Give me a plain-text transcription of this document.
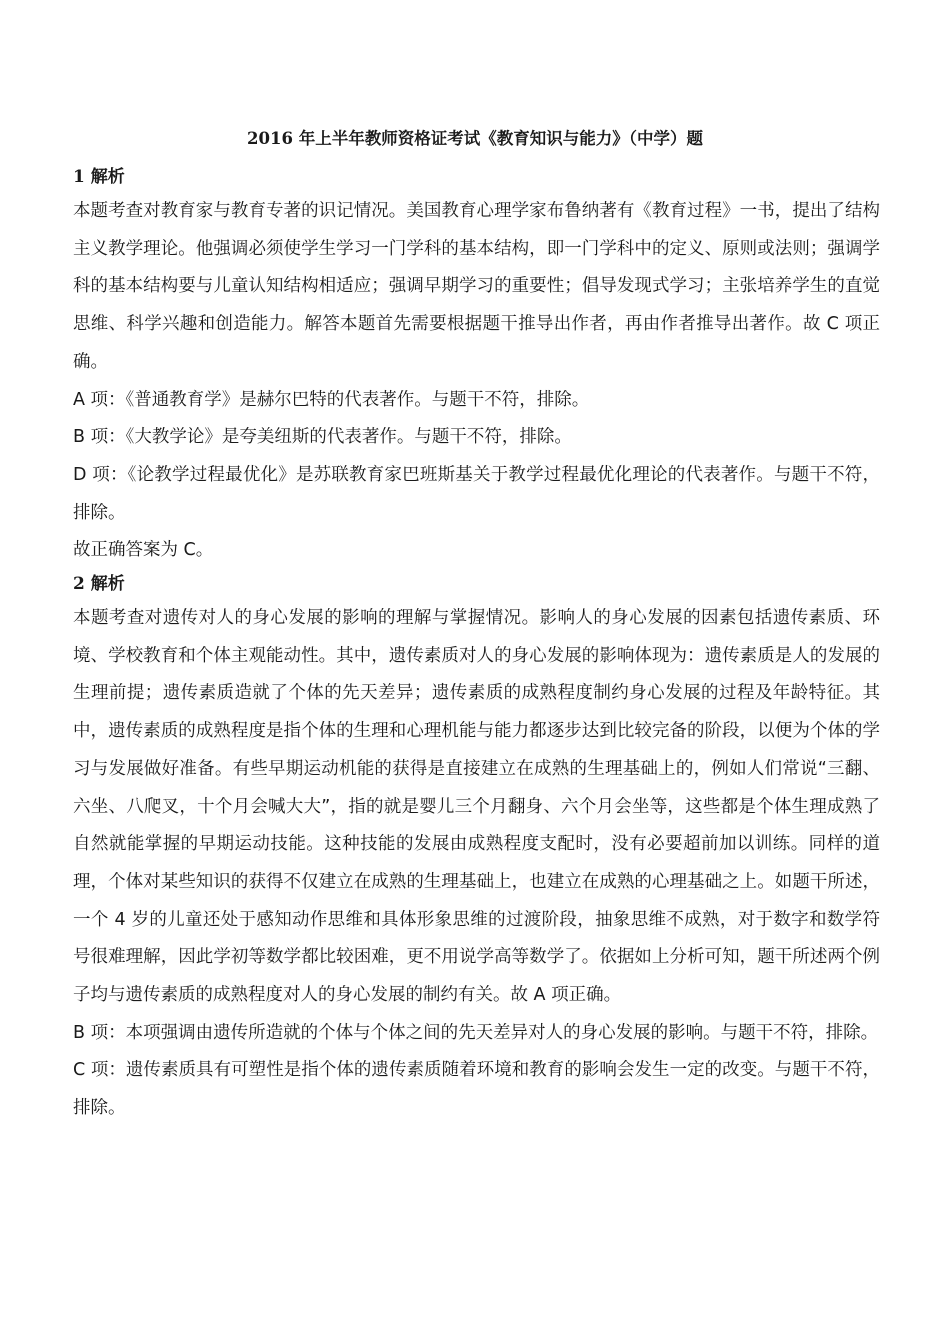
2016 年上半年教师资格证考试《教育知识与能力》（中学）题
1 解析

本题考查对教育家与教育专著的识记情况。美国教育心理学家布鲁纳著有《教育过程》一书，提出了结构主义教学理论。他强调必须使学生学习一门学科的基本结构，即一门学科中的定义、原则或法则；强调学科的基本结构要与儿童认知结构相适应；强调早期学习的重要性；倡导发现式学习；主张培养学生的直觉思维、科学兴趣和创造能力。解答本题首先需要根据题干推导出作者，再由作者推导出著作。故 C 项正确。

A 项：《普通教育学》是赫尔巴特的代表著作。与题干不符，排除。

B 项：《大教学论》是夸美纽斯的代表著作。与题干不符，排除。

D 项：《论教学过程最优化》是苏联教育家巴班斯基关于教学过程最优化理论的代表著作。与题干不符，排除。

故正确答案为 C。

2 解析

本题考查对遗传对人的身心发展的影响的理解与掌握情况。影响人的身心发展的因素包括遗传素质、环境、学校教育和个体主观能动性。其中，遗传素质对人的身心发展的影响体现为：遗传素质是人的发展的生理前提；遗传素质造就了个体的先天差异；遗传素质的成熟程度制约身心发展的过程及年龄特征。其中，遗传素质的成熟程度是指个体的生理和心理机能与能力都逐步达到比较完备的阶段，以便为个体的学习与发展做好准备。有些早期运动机能的获得是直接建立在成熟的生理基础上的，例如人们常说“三翻、六坐、八爬叉，十个月会喊大大”，指的就是婴儿三个月翻身、六个月会坐等，这些都是个体生理成熟了自然就能掌握的早期运动技能。这种技能的发展由成熟程度支配时，没有必要超前加以训练。同样的道理，个体对某些知识的获得不仅建立在成熟的生理基础上，也建立在成熟的心理基础之上。如题干所述，一个 4 岁的儿童还处于感知动作思维和具体形象思维的过渡阶段，抽象思维不成熟，对于数字和数学符号很难理解，因此学初等数学都比较困难，更不用说学高等数学了。依据如上分析可知，题干所述两个例子均与遗传素质的成熟程度对人的身心发展的制约有关。故 A 项正确。

B 项：本项强调由遗传所造就的个体与个体之间的先天差异对人的身心发展的影响。与题干不符，排除。

C 项：遗传素质具有可塑性是指个体的遗传素质随着环境和教育的影响会发生一定的改变。与题干不符，排除。
